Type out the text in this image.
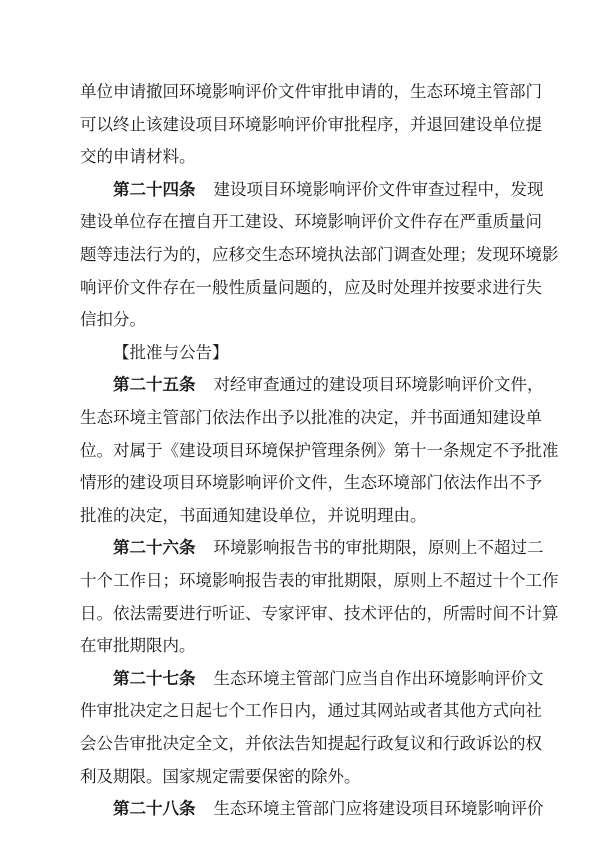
单位申请撤回环境影响评价文件审批申请的，生态环境主管部门
可以终止该建设项目环境影响评价审批程序，并退回建设单位提
交的申请材料。
第二十四条 建设项目环境影响评价文件审查过程中，发现
建设单位存在擅自开工建设、环境影响评价文件存在严重质量问
题等违法行为的，应移交生态环境执法部门调查处理；发现环境影
响评价文件存在一般性质量问题的，应及时处理并按要求进行失
信扣分。
【批准与公告】
第二十五条 对经审查通过的建设项目环境影响评价文件，
生态环境主管部门依法作出予以批准的决定，并书面通知建设单
位。对属于《建设项目环境保护管理条例》第十一条规定不予批准
情形的建设项目环境影响评价文件，生态环境部门依法作出不予
批准的决定，书面通知建设单位，并说明理由。
第二十六条 环境影响报告书的审批期限，原则上不超过二
十个工作日；环境影响报告表的审批期限，原则上不超过十个工作
日。依法需要进行听证、专家评审、技术评估的，所需时间不计算
在审批期限内。
第二十七条 生态环境主管部门应当自作出环境影响评价文
件审批决定之日起七个工作日内，通过其网站或者其他方式向社
会公告审批决定全文，并依法告知提起行政复议和行政诉讼的权
利及期限。国家规定需要保密的除外。
第二十八条 生态环境主管部门应将建设项目环境影响评价
